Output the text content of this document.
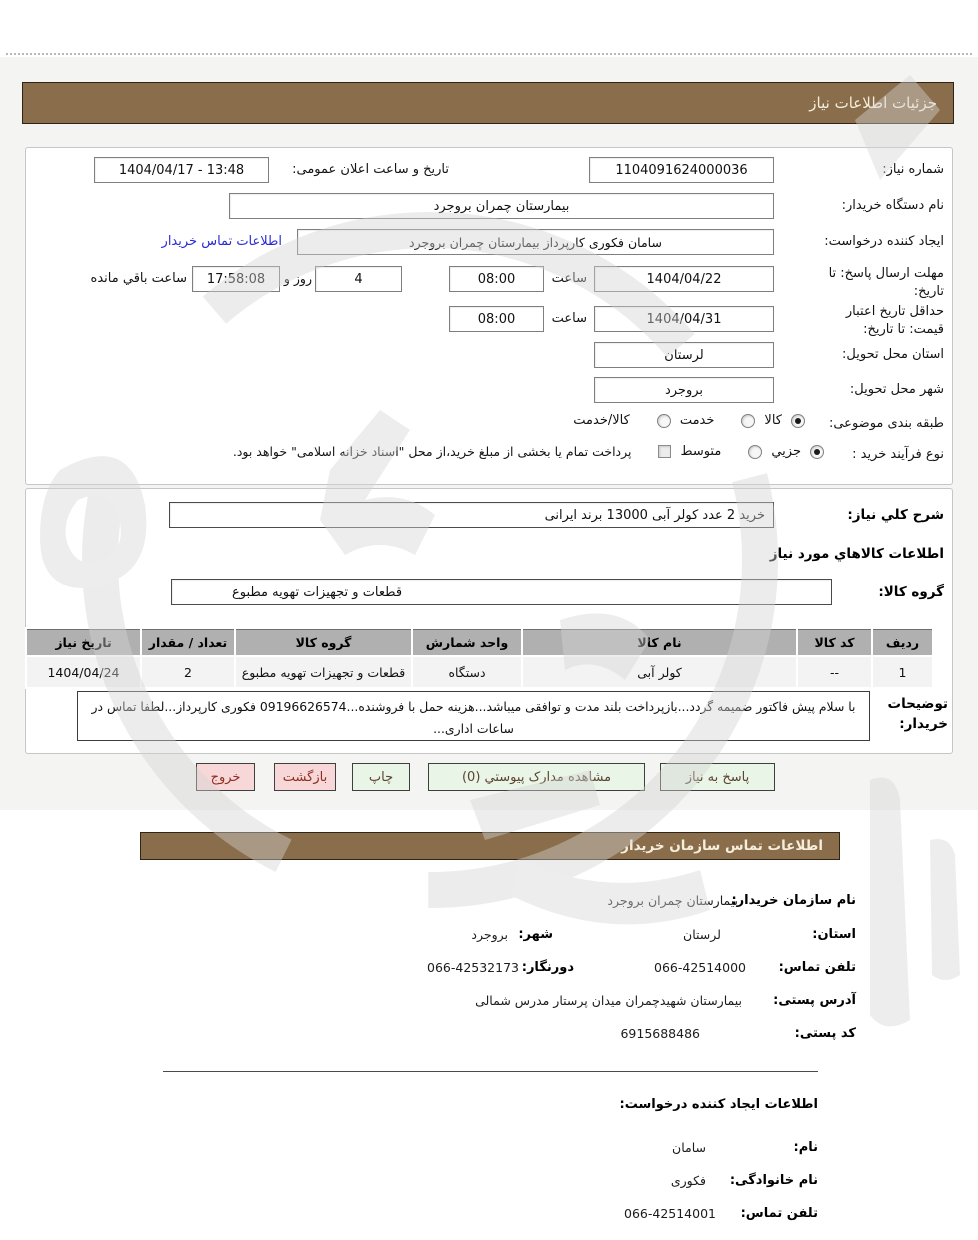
جزئیات اطلاعات نیاز
شماره نیاز:
1104091624000036
تاریخ و ساعت اعلان عمومی:
1404/04/17 - 13:48
نام دستگاه خریدار:
بیمارستان چمران بروجرد
ایجاد کننده درخواست:
سامان فکوری کارپرداز بیمارستان چمران بروجرد
اطلاعات تماس خریدار
مهلت ارسال پاسخ: تا تاریخ:
1404/04/22
ساعت
08:00
4
روز و
17:58:08
ساعت باقي مانده
حداقل تاریخ اعتبار قیمت: تا تاریخ:
1404/04/31
ساعت
08:00
استان محل تحویل:
لرستان
شهر محل تحویل:
بروجرد
طبقه بندی موضوعی:
کالا
خدمت
کالا/خدمت
نوع فرآیند خرید :
جزيي
متوسط
پرداخت تمام یا بخشی از مبلغ خرید،از محل "اسناد خزانه اسلامی" خواهد بود.
شرح کلي نیاز:
خرید 2 عدد کولر آبی 13000 برند ایرانی
اطلاعات کالاهاي مورد نیاز
گروه کالا:
قطعات و تجهیزات تهویه مطبوع
ردیف	کد کالا	نام کالا	واحد شمارش	گروه کالا	تعداد / مقدار	تاریخ نیاز
1	--	کولر آبی	دستگاه	قطعات و تجهیزات تهویه مطبوع	2	1404/04/24
توضیحات خریدار:
با سلام پیش فاکتور ضمیمه گردد...بازپرداخت بلند مدت و توافقی میباشد...هزینه حمل با فروشنده...09196626574 فکوری کارپرداز...لطفا تماس در ساعات اداری...
پاسخ به نیاز
مشاهده مدارک پیوستي (0)
چاپ
بازگشت
خروج
اطلاعات تماس سازمان خریدار
نام سازمان خریدار:
بیمارستان چمران بروجرد
استان:
لرستان
شهر:
بروجرد
تلفن تماس:
066-42514000
دورنگار:
066-42532173
آدرس پستی:
بیمارستان شهیدچمران میدان پرستار مدرس شمالی
کد پستی:
6915688486
اطلاعات ایجاد کننده درخواست:
نام:
سامان
نام خانوادگی:
فکوری
تلفن تماس:
066-42514001
